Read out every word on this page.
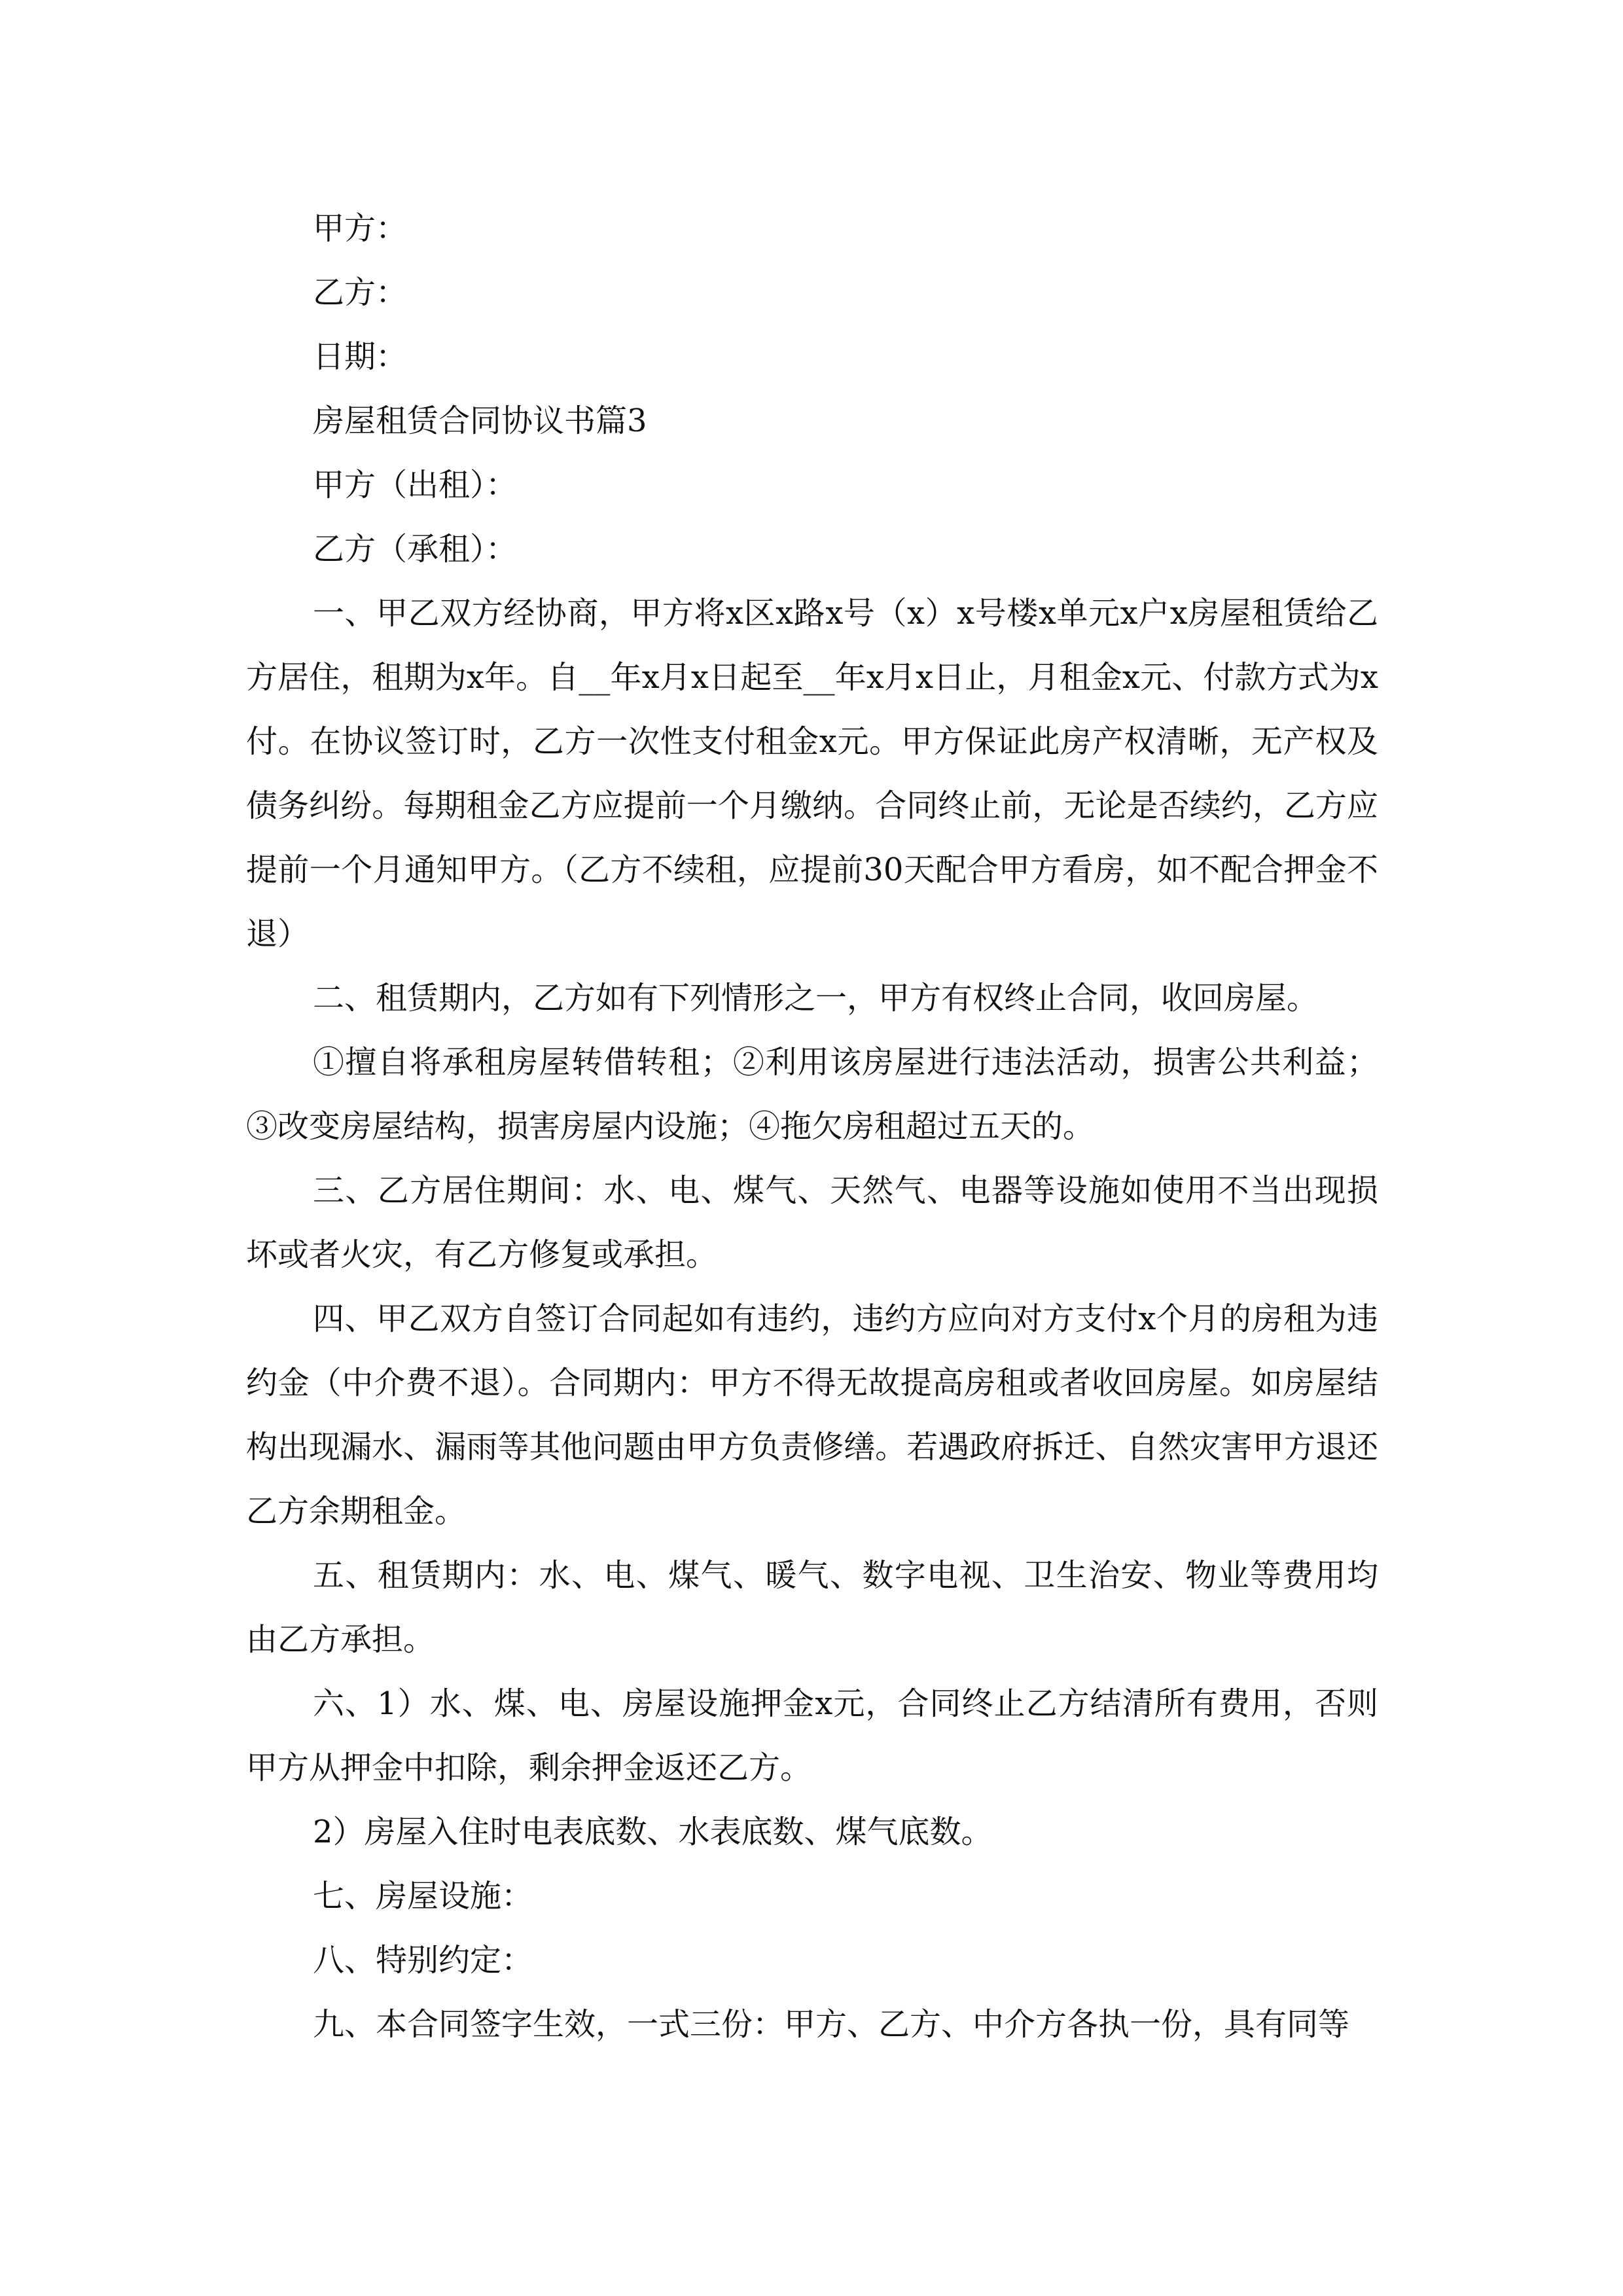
甲方：

乙方：

日期：

房屋租赁合同协议书篇3

甲方（出租）：

乙方（承租）：

一、甲乙双方经协商，甲方将x区x路x号（x）x号楼x单元x户x房屋租赁给乙方居住，租期为x年。自__年x月x日起至__年x月x日止，月租金x元、付款方式为x付。在协议签订时，乙方一次性支付租金x元。甲方保证此房产权清晰，无产权及债务纠纷。每期租金乙方应提前一个月缴纳。合同终止前，无论是否续约，乙方应提前一个月通知甲方。（乙方不续租，应提前30天配合甲方看房，如不配合押金不退）

二、租赁期内，乙方如有下列情形之一，甲方有权终止合同，收回房屋。

①擅自将承租房屋转借转租；②利用该房屋进行违法活动，损害公共利益；③改变房屋结构，损害房屋内设施；④拖欠房租超过五天的。

三、乙方居住期间：水、电、煤气、天然气、电器等设施如使用不当出现损坏或者火灾，有乙方修复或承担。

四、甲乙双方自签订合同起如有违约，违约方应向对方支付x个月的房租为违约金（中介费不退）。合同期内：甲方不得无故提高房租或者收回房屋。如房屋结构出现漏水、漏雨等其他问题由甲方负责修缮。若遇政府拆迁、自然灾害甲方退还乙方余期租金。

五、租赁期内：水、电、煤气、暖气、数字电视、卫生治安、物业等费用均由乙方承担。

六、1）水、煤、电、房屋设施押金x元，合同终止乙方结清所有费用，否则甲方从押金中扣除，剩余押金返还乙方。

2）房屋入住时电表底数、水表底数、煤气底数。

七、房屋设施：

八、特别约定：

九、本合同签字生效，一式三份：甲方、乙方、中介方各执一份，具有同等
